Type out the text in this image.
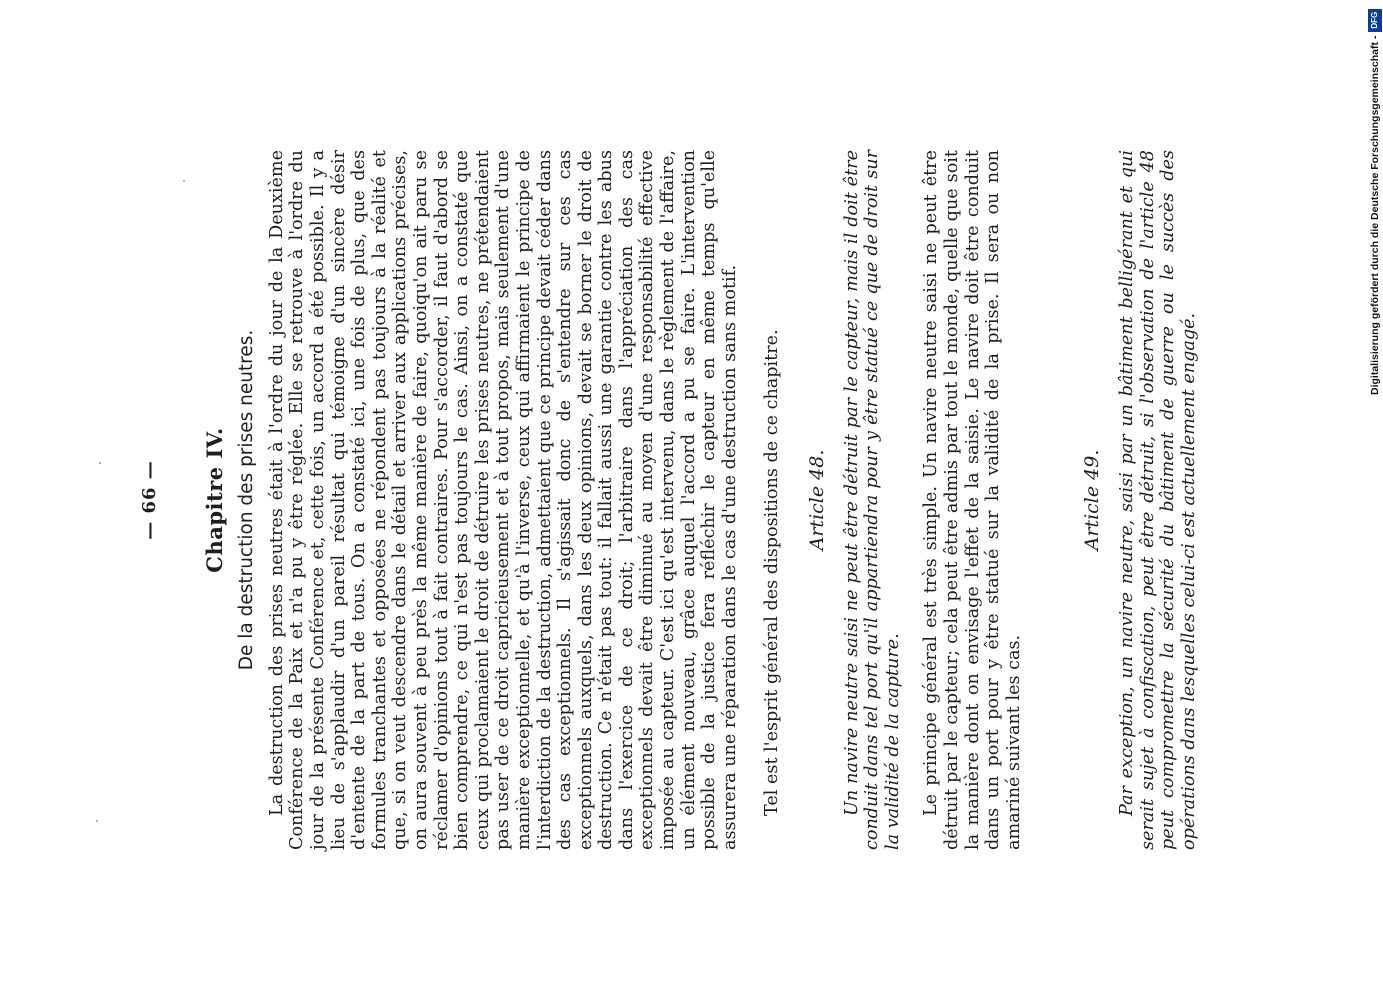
— 66 — Chapitre IV. De la destruction des prises neutres. La destruction des prises neutres était à l'ordre du jour de la Deuxième Conférence de la Paix et n'a pu y être réglée. Elle se retrouve à l'ordre du jour de la présente Conférence et, cette fois, un accord a été possible. Il y a lieu de s'applaudir d'un pareil résultat qui témoigne d'un sincère désir d'entente de la part de tous. On a constaté ici, une fois de plus, que des formules tranchantes et opposées ne répondent pas toujours à la réalité et que, si on veut descendre dans le détail et arriver aux applications précises, on aura souvent à peu près la même manière de faire, quoiqu'on ait paru se réclamer d'opinions tout à fait contraires. Pour s'accorder, il faut d'abord se bien comprendre, ce qui n'est pas toujours le cas. Ainsi, on a constaté que ceux qui proclamaient le droit de détruire les prises neutres, ne prétendaient pas user de ce droit capricieusement et à tout propos, mais seulement d'une manière exceptionnelle, et qu'à l'inverse, ceux qui affirmaient le principe de l'interdiction de la destruction, admettaient que ce principe devait céder dans des cas exceptionnels. Il s'agissait donc de s'entendre sur ces cas exceptionnels auxquels, dans les deux opinions, devait se borner le droit de destruction. Ce n'était pas tout: il fallait aussi une garantie contre les abus dans l'exercice de ce droit; l'arbitraire dans l'appréciation des cas exceptionnels devait être diminué au moyen d'une responsabilité effective imposée au capteur. C'est ici qu'est intervenu, dans le règlement de l'affaire, un élément nouveau, grâce auquel l'accord a pu se faire. L'intervention possible de la justice fera réfléchir le capteur en même temps qu'elle assurera une réparation dans le cas d'une destruction sans motif. Tel est l'esprit général des dispositions de ce chapitre. Article 48. Un navire neutre saisi ne peut être détruit par le capteur, mais il doit être conduit dans tel port qu'il appartiendra pour y être statué ce que de droit sur la validité de la capture. Le principe général est très simple. Un navire neutre saisi ne peut être détruit par le capteur; cela peut être admis par tout le monde, quelle que soit la manière dont on envisage l'effet de la saisie. Le navire doit être conduit dans un port pour y être statué sur la validité de la prise. Il sera ou non amariné suivant les cas.

Article 49. Par exception, un navire neutre, saisi par un bâtiment belligérant et qui serait sujet à confiscation, peut être détruit, si l'observation de l'article 48 peut compromettre la sécurité du bâtiment de guerre ou le succès des opérations dans lesquelles celui-ci est actuellement engagé.

Digitalisierung gefördert durch die Deutsche Forschungsgemeinschaft -
DFG
